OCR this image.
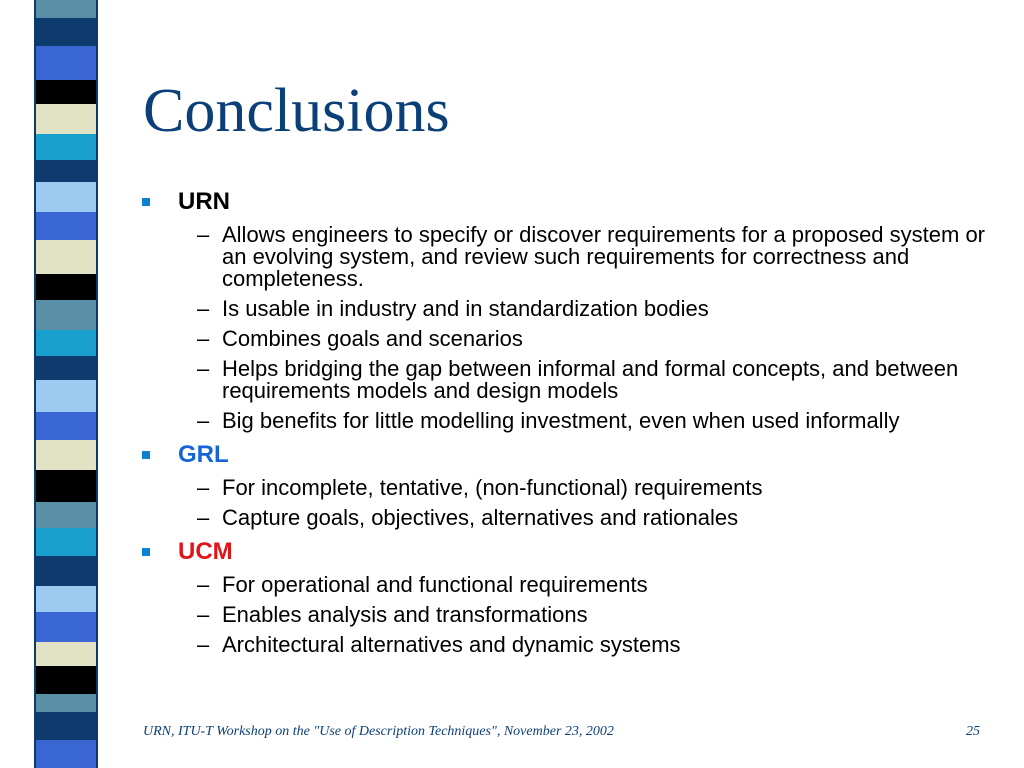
Conclusions
URN
– Allows engineers to specify or discover requirements for a proposed system or an evolving system, and review such requirements for correctness and completeness.
– Is usable in industry and in standardization bodies
– Combines goals and scenarios
– Helps bridging the gap between informal and formal concepts, and between requirements models and design models
– Big benefits for little modelling investment, even when used informally
GRL
– For incomplete, tentative, (non-functional) requirements
– Capture goals, objectives, alternatives and rationales
UCM
– For operational and functional requirements
– Enables analysis and transformations
– Architectural alternatives and dynamic systems
URN, ITU-T Workshop on the "Use of Description Techniques", November 23, 2002	25
